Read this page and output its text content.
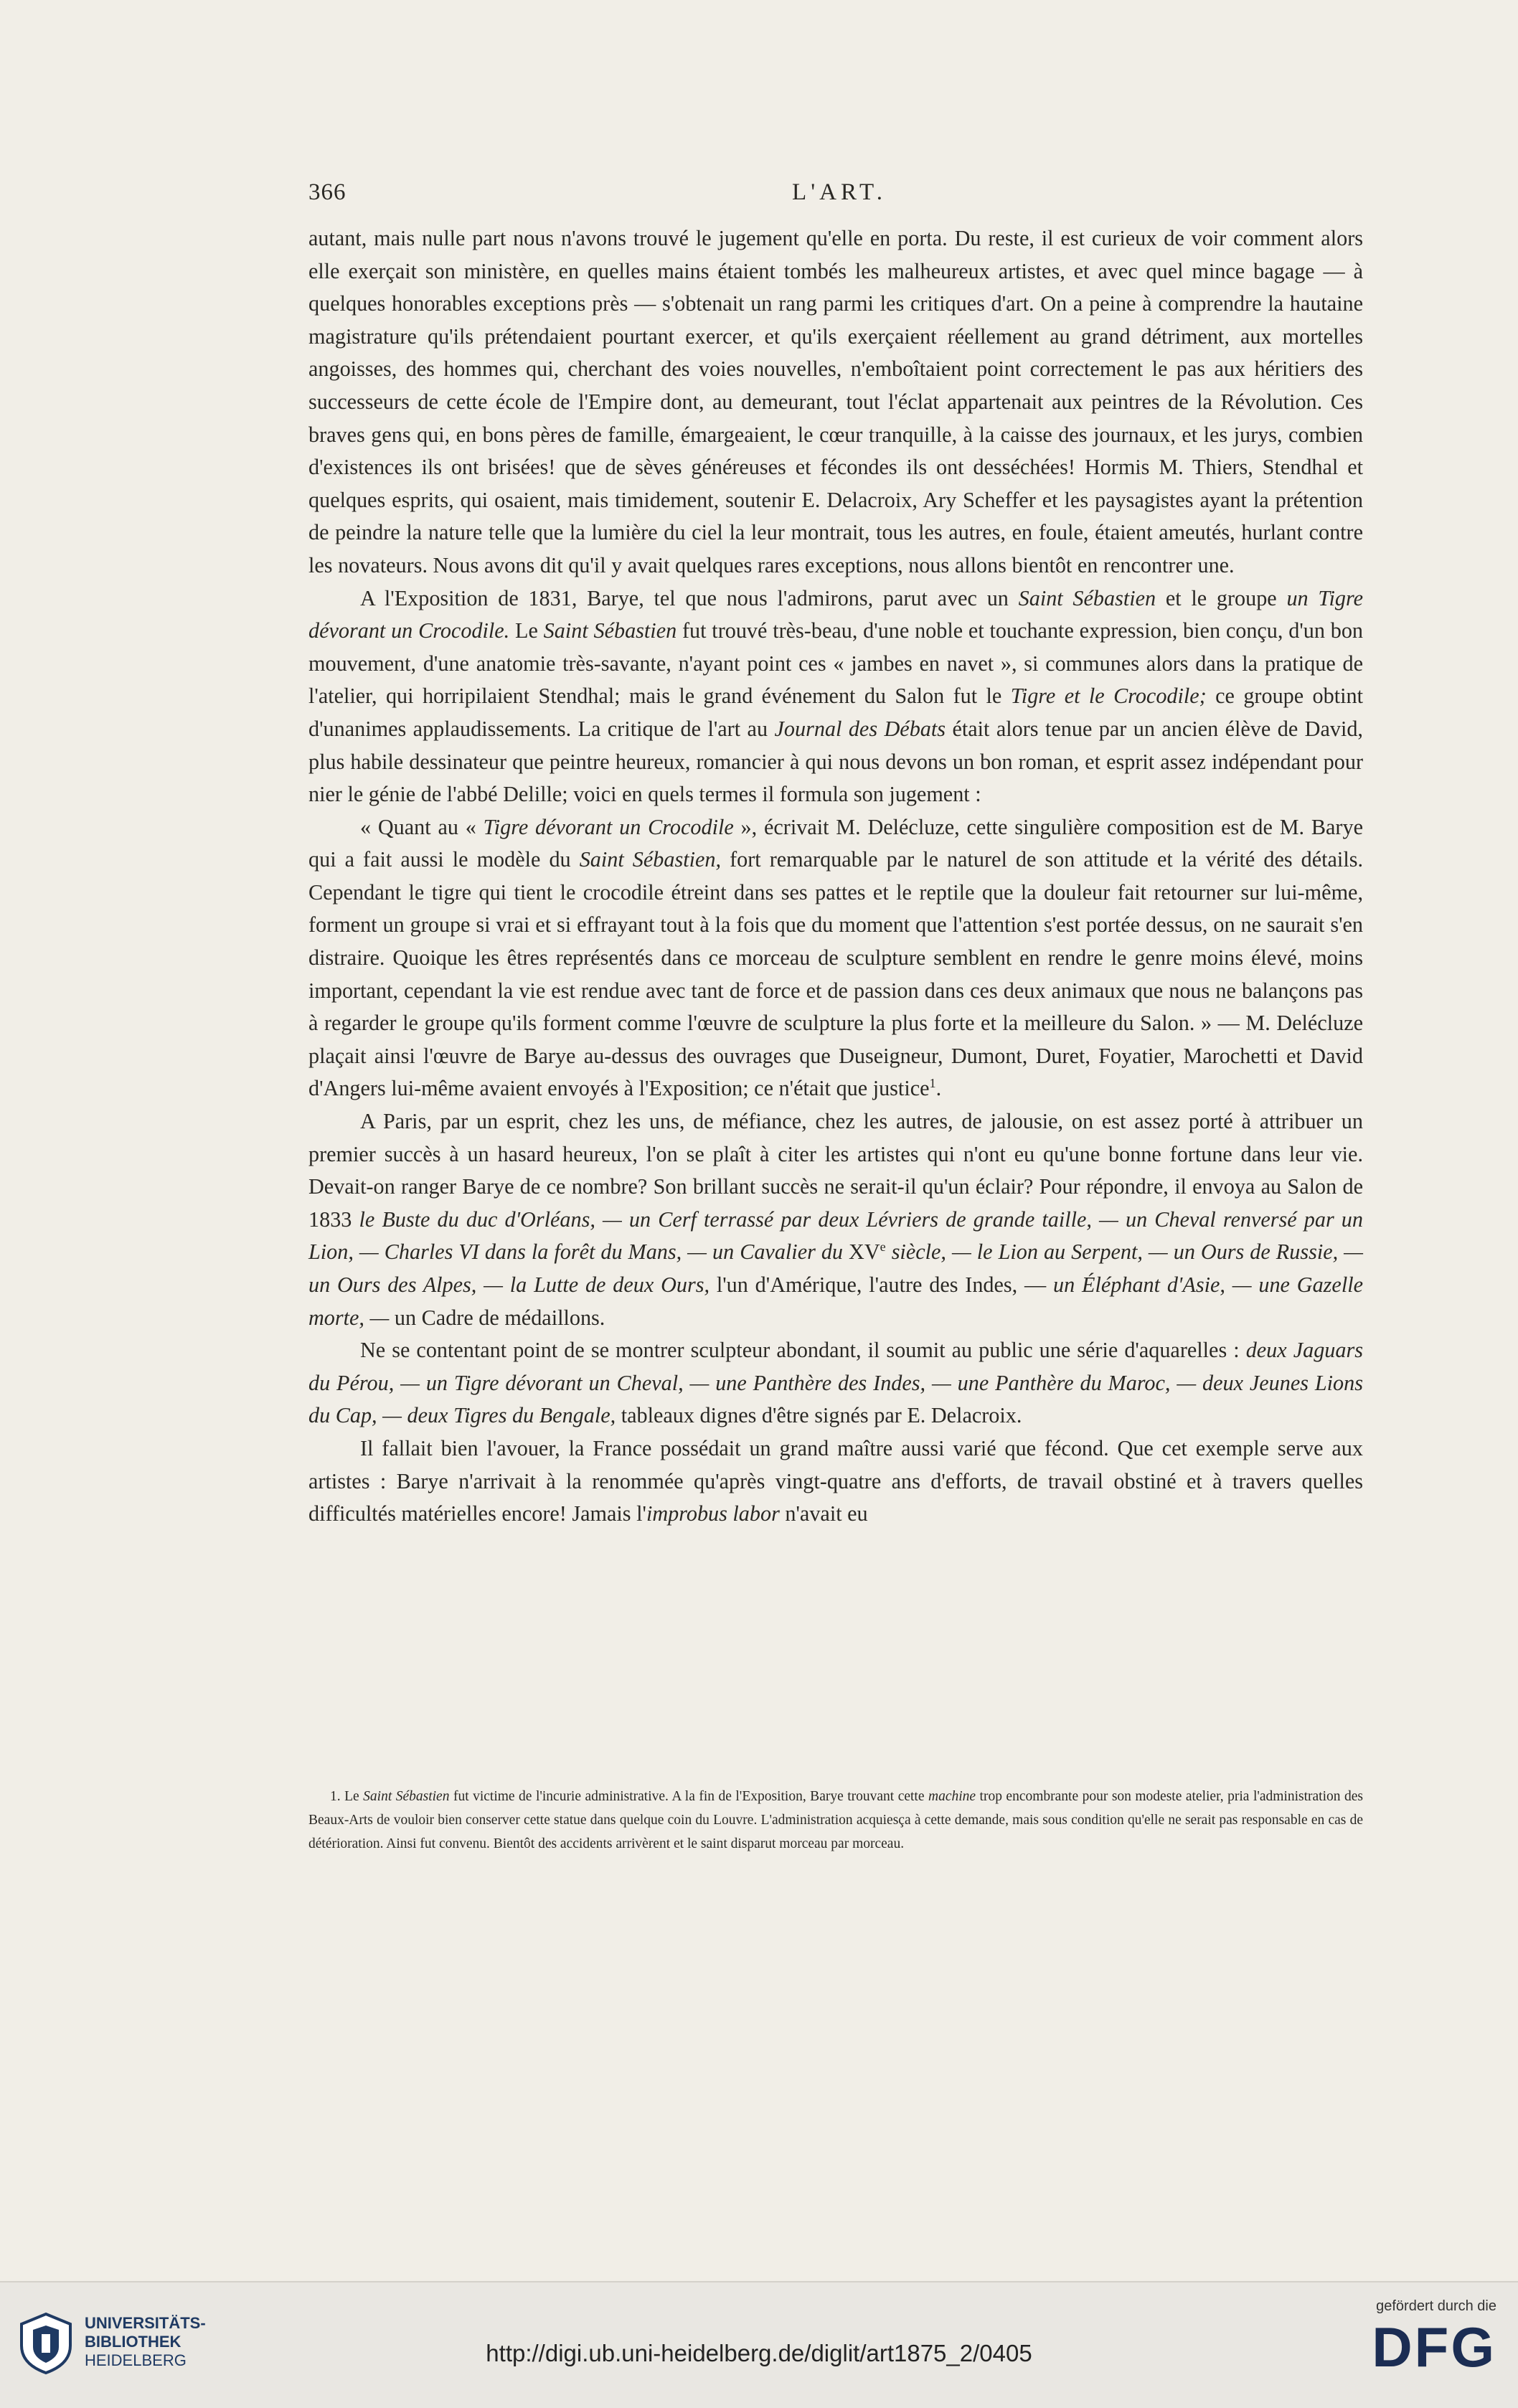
366	L'ART.

autant, mais nulle part nous n'avons trouvé le jugement qu'elle en porta. Du reste, il est curieux de voir comment alors elle exerçait son ministère, en quelles mains étaient tombés les malheureux artistes, et avec quel mince bagage — à quelques honorables exceptions près — s'obtenait un rang parmi les critiques d'art. On a peine à comprendre la hautaine magistrature qu'ils prétendaient pourtant exercer, et qu'ils exerçaient réellement au grand détriment, aux mortelles angoisses, des hommes qui, cherchant des voies nouvelles, n'emboîtaient point correctement le pas aux héritiers des successeurs de cette école de l'Empire dont, au demeurant, tout l'éclat appartenait aux peintres de la Révolution. Ces braves gens qui, en bons pères de famille, émargeaient, le cœur tranquille, à la caisse des journaux, et les jurys, combien d'existences ils ont brisées! que de sèves généreuses et fécondes ils ont desséchées! Hormis M. Thiers, Stendhal et quelques esprits, qui osaient, mais timidement, soutenir E. Delacroix, Ary Scheffer et les paysagistes ayant la prétention de peindre la nature telle que la lumière du ciel la leur montrait, tous les autres, en foule, étaient ameutés, hurlant contre les novateurs. Nous avons dit qu'il y avait quelques rares exceptions, nous allons bientôt en rencontrer une.

A l'Exposition de 1831, Barye, tel que nous l'admirons, parut avec un Saint Sébastien et le groupe un Tigre dévorant un Crocodile. Le Saint Sébastien fut trouvé très-beau, d'une noble et touchante expression, bien conçu, d'un bon mouvement, d'une anatomie très-savante, n'ayant point ces « jambes en navet », si communes alors dans la pratique de l'atelier, qui horripilaient Stendhal; mais le grand événement du Salon fut le Tigre et le Crocodile; ce groupe obtint d'unanimes applaudissements. La critique de l'art au Journal des Débats était alors tenue par un ancien élève de David, plus habile dessinateur que peintre heureux, romancier à qui nous devons un bon roman, et esprit assez indépendant pour nier le génie de l'abbé Delille; voici en quels termes il formula son jugement :

« Quant au « Tigre dévorant un Crocodile », écrivait M. Delécluze, cette singulière composition est de M. Barye qui a fait aussi le modèle du Saint Sébastien, fort remarquable par le naturel de son attitude et la vérité des détails. Cependant le tigre qui tient le crocodile étreint dans ses pattes et le reptile que la douleur fait retourner sur lui-même, forment un groupe si vrai et si effrayant tout à la fois que du moment que l'attention s'est portée dessus, on ne saurait s'en distraire. Quoique les êtres représentés dans ce morceau de sculpture semblent en rendre le genre moins élevé, moins important, cependant la vie est rendue avec tant de force et de passion dans ces deux animaux que nous ne balançons pas à regarder le groupe qu'ils forment comme l'œuvre de sculpture la plus forte et la meilleure du Salon. » — M. Delécluze plaçait ainsi l'œuvre de Barye au-dessus des ouvrages que Duseigneur, Dumont, Duret, Foyatier, Marochetti et David d'Angers lui-même avaient envoyés à l'Exposition; ce n'était que justice$^1$.

A Paris, par un esprit, chez les uns, de méfiance, chez les autres, de jalousie, on est assez porté à attribuer un premier succès à un hasard heureux, l'on se plaît à citer les artistes qui n'ont eu qu'une bonne fortune dans leur vie. Devait-on ranger Barye de ce nombre? Son brillant succès ne serait-il qu'un éclair? Pour répondre, il envoya au Salon de 1833 le Buste du duc d'Orléans, — un Cerf terrassé par deux Lévriers de grande taille, — un Cheval renversé par un Lion, — Charles VI dans la forêt du Mans, — un Cavalier du XVe siècle, — le Lion au Serpent, — un Ours de Russie, — un Ours des Alpes, — la Lutte de deux Ours, l'un d'Amérique, l'autre des Indes, — un Éléphant d'Asie, — une Gazelle morte, — un Cadre de médaillons.

Ne se contentant point de se montrer sculpteur abondant, il soumit au public une série d'aquarelles : deux Jaguars du Pérou, — un Tigre dévorant un Cheval, — une Panthère des Indes, — une Panthère du Maroc, — deux Jeunes Lions du Cap, — deux Tigres du Bengale, tableaux dignes d'être signés par E. Delacroix.

Il fallait bien l'avouer, la France possédait un grand maître aussi varié que fécond. Que cet exemple serve aux artistes : Barye n'arrivait à la renommée qu'après vingt-quatre ans d'efforts, de travail obstiné et à travers quelles difficultés matérielles encore! Jamais l'improbus labor n'avait eu

1. Le Saint Sébastien fut victime de l'incurie administrative. A la fin de l'Exposition, Barye trouvant cette machine trop encombrante pour son modeste atelier, pria l'administration des Beaux-Arts de vouloir bien conserver cette statue dans quelque coin du Louvre. L'administration acquiesça à cette demande, mais sous condition qu'elle ne serait pas responsable en cas de détérioration. Ainsi fut convenu. Bientôt des accidents arrivèrent et le saint disparut morceau par morceau.

UNIVERSITÄTS-
BIBLIOTHEK
HEIDELBERG	http://digi.ub.uni-heidelberg.de/diglit/art1875_2/0405
gefördert durch die
DFG
